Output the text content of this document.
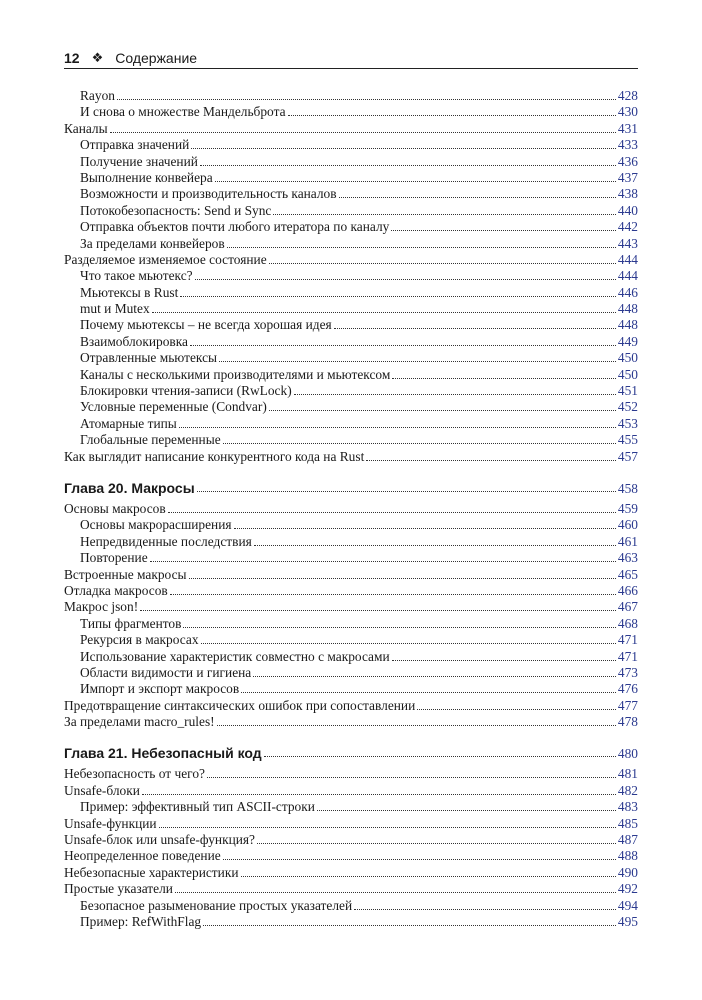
12 ❖ Содержание
Rayon	428
И снова о множестве Мандельброта	430
Каналы	431
Отправка значений	433
Получение значений	436
Выполнение конвейера	437
Возможности и производительность каналов	438
Потокобезопасность: Send и Sync	440
Отправка объектов почти любого итератора по каналу	442
За пределами конвейеров	443
Разделяемое изменяемое состояние	444
Что такое мьютекс?	444
Мьютексы в Rust	446
mut и Mutex	448
Почему мьютексы – не всегда хорошая идея	448
Взаимоблокировка	449
Отравленные мьютексы	450
Каналы с несколькими производителями и мьютексом	450
Блокировки чтения-записи (RwLock)	451
Условные переменные (Condvar)	452
Атомарные типы	453
Глобальные переменные	455
Как выглядит написание конкурентного кода на Rust	457
Глава 20. Макросы	458
Основы макросов	459
Основы макрорасширения	460
Непредвиденные последствия	461
Повторение	463
Встроенные макросы	465
Отладка макросов	466
Макрос json!	467
Типы фрагментов	468
Рекурсия в макросах	471
Использование характеристик совместно с макросами	471
Области видимости и гигиена	473
Импорт и экспорт макросов	476
Предотвращение синтаксических ошибок при сопоставлении	477
За пределами macro_rules!	478
Глава 21. Небезопасный код	480
Небезопасность от чего?	481
Unsafe-блоки	482
Пример: эффективный тип ASCII-строки	483
Unsafe-функции	485
Unsafe-блок или unsafe-функция?	487
Неопределенное поведение	488
Небезопасные характеристики	490
Простые указатели	492
Безопасное разыменование простых указателей	494
Пример: RefWithFlag	495
